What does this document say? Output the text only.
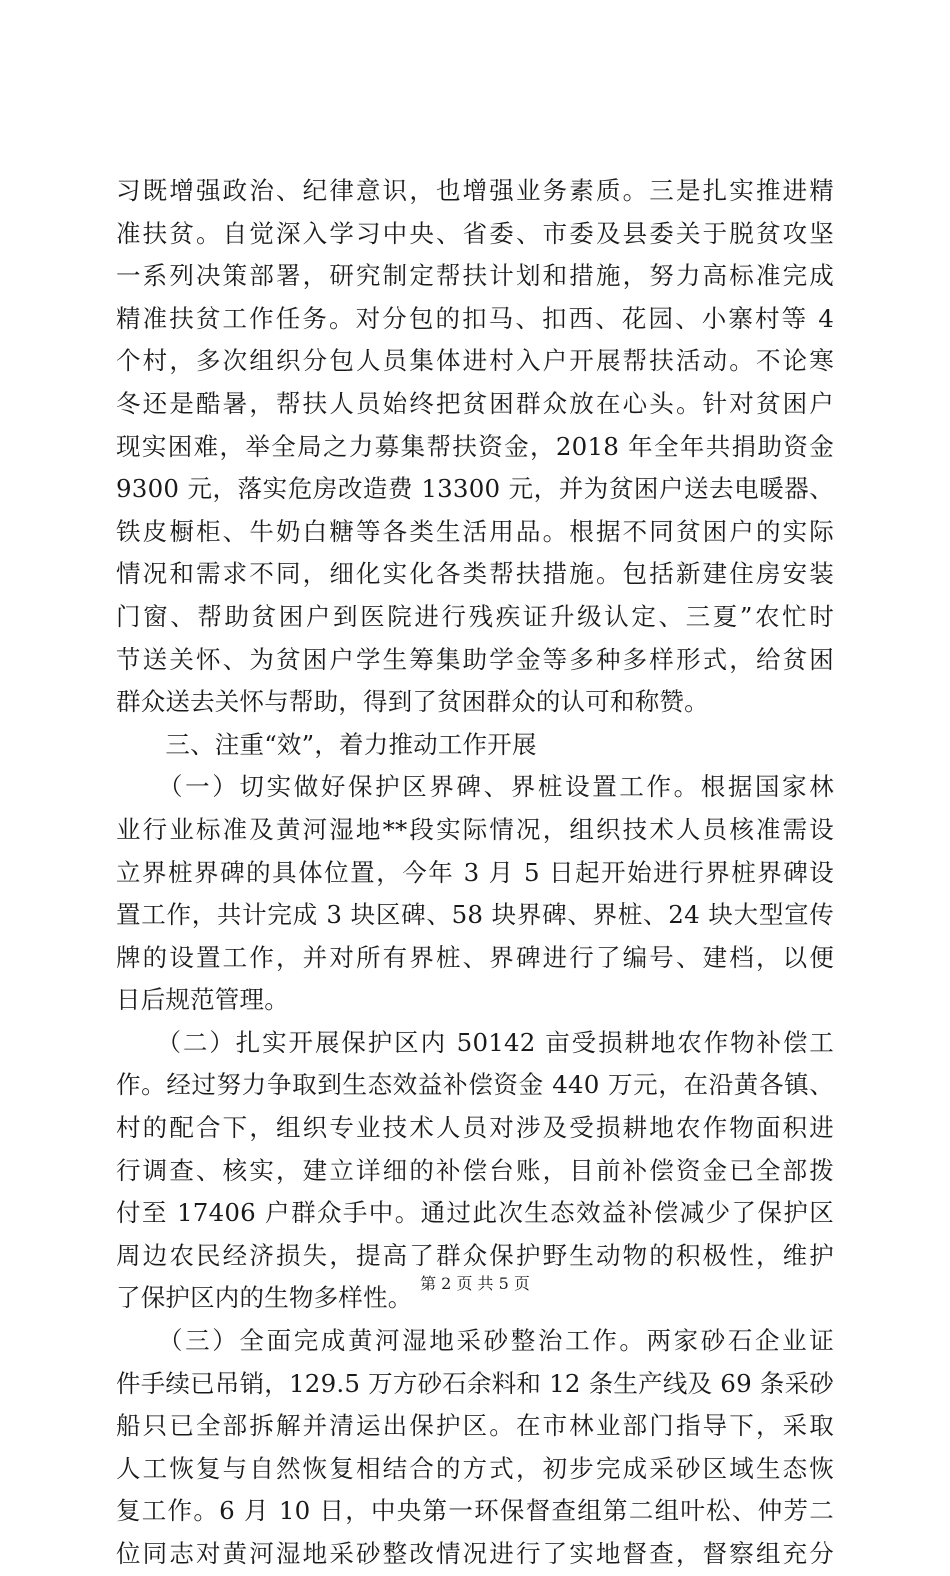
习既增强政治、纪律意识，也增强业务素质。三是扎实推进精
准扶贫。自觉深入学习中央、省委、市委及县委关于脱贫攻坚
一系列决策部署，研究制定帮扶计划和措施，努力高标准完成
精准扶贫工作任务。对分包的扣马、扣西、花园、小寨村等 4
个村，多次组织分包人员集体进村入户开展帮扶活动。不论寒
冬还是酷暑，帮扶人员始终把贫困群众放在心头。针对贫困户
现实困难，举全局之力募集帮扶资金，2018 年全年共捐助资金
9300 元，落实危房改造费 13300 元，并为贫困户送去电暖器、
铁皮橱柜、牛奶白糖等各类生活用品。根据不同贫困户的实际
情况和需求不同，细化实化各类帮扶措施。包括新建住房安装
门窗、帮助贫困户到医院进行残疾证升级认定、三夏”农忙时
节送关怀、为贫困户学生筹集助学金等多种多样形式，给贫困
群众送去关怀与帮助，得到了贫困群众的认可和称赞。
　　三、注重“效”，着力推动工作开展
　　（一）切实做好保护区界碑、界桩设置工作。根据国家林
业行业标准及黄河湿地**段实际情况，组织技术人员核准需设
立界桩界碑的具体位置，今年 3 月 5 日起开始进行界桩界碑设
置工作，共计完成 3 块区碑、58 块界碑、界桩、24 块大型宣传
牌的设置工作，并对所有界桩、界碑进行了编号、建档，以便
日后规范管理。
　　（二）扎实开展保护区内 50142 亩受损耕地农作物补偿工
作。经过努力争取到生态效益补偿资金 440 万元，在沿黄各镇、
村的配合下，组织专业技术人员对涉及受损耕地农作物面积进
行调查、核实，建立详细的补偿台账，目前补偿资金已全部拨
付至 17406 户群众手中。通过此次生态效益补偿减少了保护区
周边农民经济损失，提高了群众保护野生动物的积极性，维护
了保护区内的生物多样性。
　　（三）全面完成黄河湿地采砂整治工作。两家砂石企业证
件手续已吊销，129.5 万方砂石余料和 12 条生产线及 69 条采砂
船只已全部拆解并清运出保护区。在市林业部门指导下，采取
人工恢复与自然恢复相结合的方式，初步完成采砂区域生态恢
复工作。6 月 10 日，中央第一环保督查组第二组叶松、仲芳二
位同志对黄河湿地采砂整改情况进行了实地督查，督察组充分
第 2 页 共 5 页
